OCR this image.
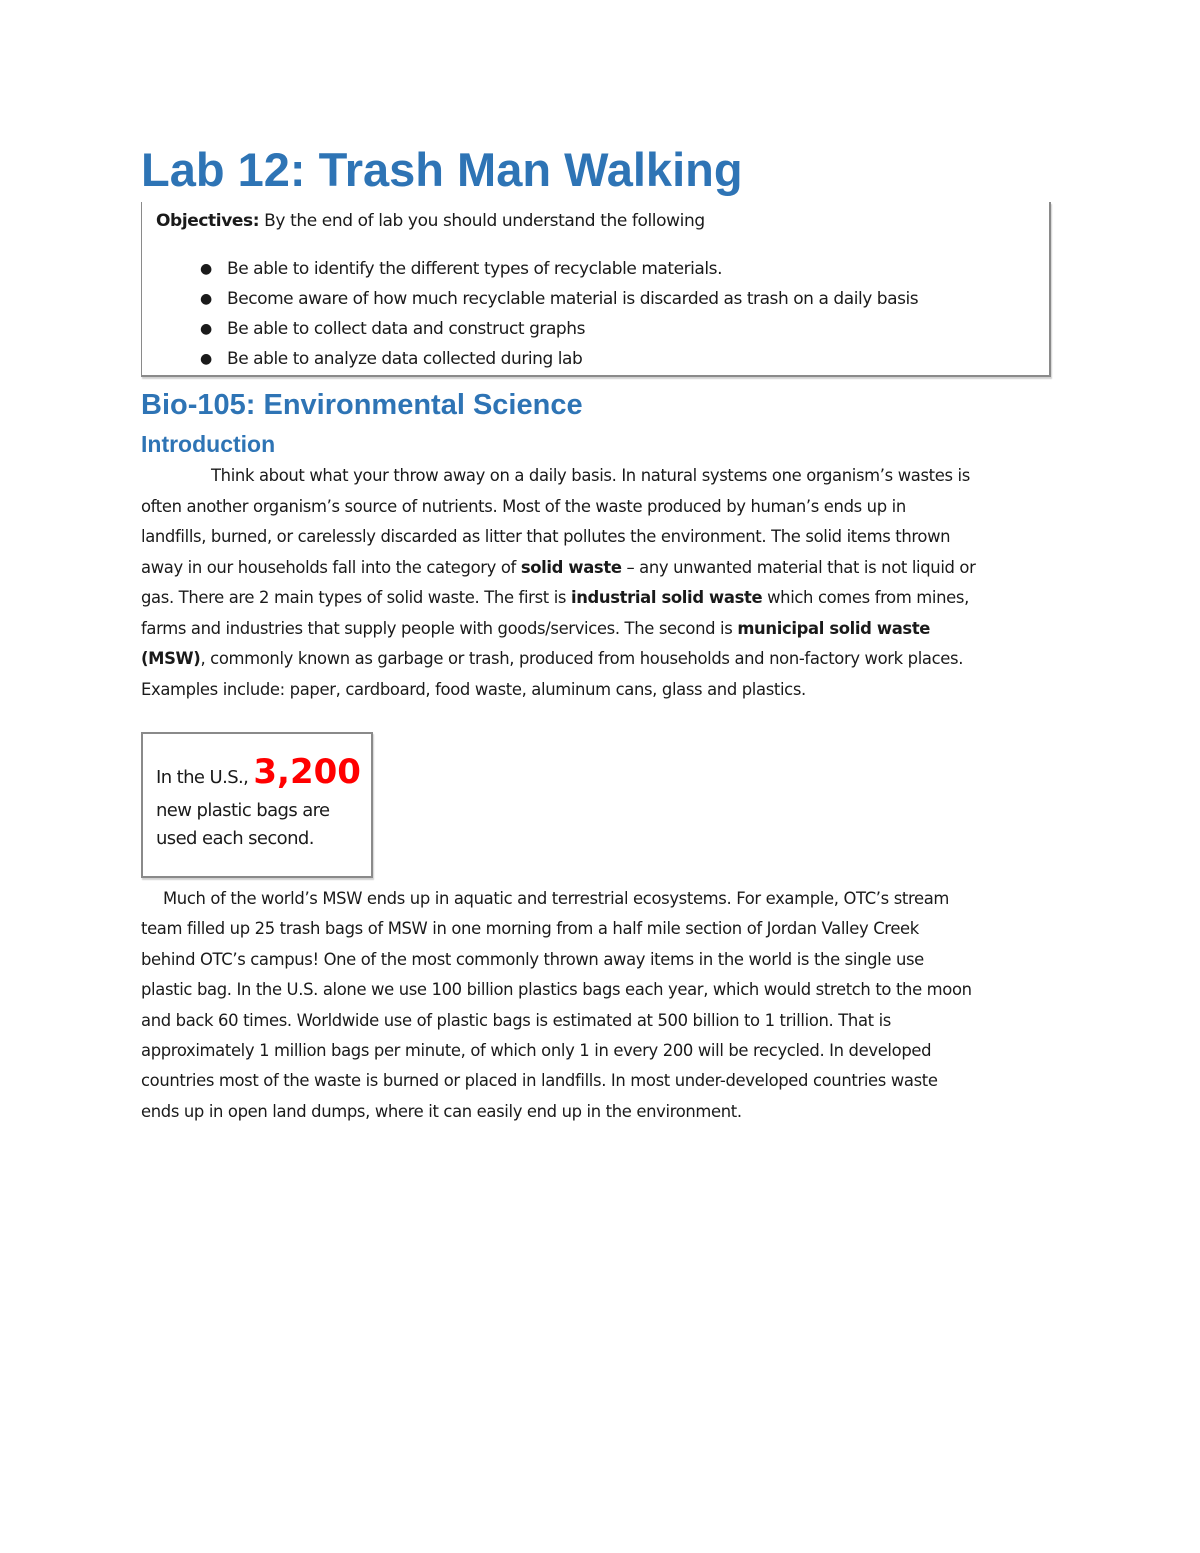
Lab 12: Trash Man Walking
Objectives: By the end of lab you should understand the following
● Be able to identify the different types of recyclable materials.
● Become aware of how much recyclable material is discarded as trash on a daily basis
● Be able to collect data and construct graphs
● Be able to analyze data collected during lab
Bio-105: Environmental Science
Introduction

Think about what your throw away on a daily basis. In natural systems one organism’s wastes is
often another organism’s source of nutrients. Most of the waste produced by human’s ends up in
landfills, burned, or carelessly discarded as litter that pollutes the environment. The solid items thrown
away in our households fall into the category of solid waste – any unwanted material that is not liquid or
gas. There are 2 main types of solid waste. The first is industrial solid waste which comes from mines,
farms and industries that supply people with goods/services. The second is municipal solid waste
(MSW), commonly known as garbage or trash, produced from households and non-factory work places.
Examples include: paper, cardboard, food waste, aluminum cans, glass and plastics.

In the U.S., 3,200
new plastic bags are
used each second.

Much of the world’s MSW ends up in aquatic and terrestrial ecosystems. For example, OTC’s stream
team filled up 25 trash bags of MSW in one morning from a half mile section of Jordan Valley Creek
behind OTC’s campus! One of the most commonly thrown away items in the world is the single use
plastic bag. In the U.S. alone we use 100 billion plastics bags each year, which would stretch to the moon
and back 60 times. Worldwide use of plastic bags is estimated at 500 billion to 1 trillion. That is
approximately 1 million bags per minute, of which only 1 in every 200 will be recycled. In developed
countries most of the waste is burned or placed in landfills. In most under-developed countries waste
ends up in open land dumps, where it can easily end up in the environment.
